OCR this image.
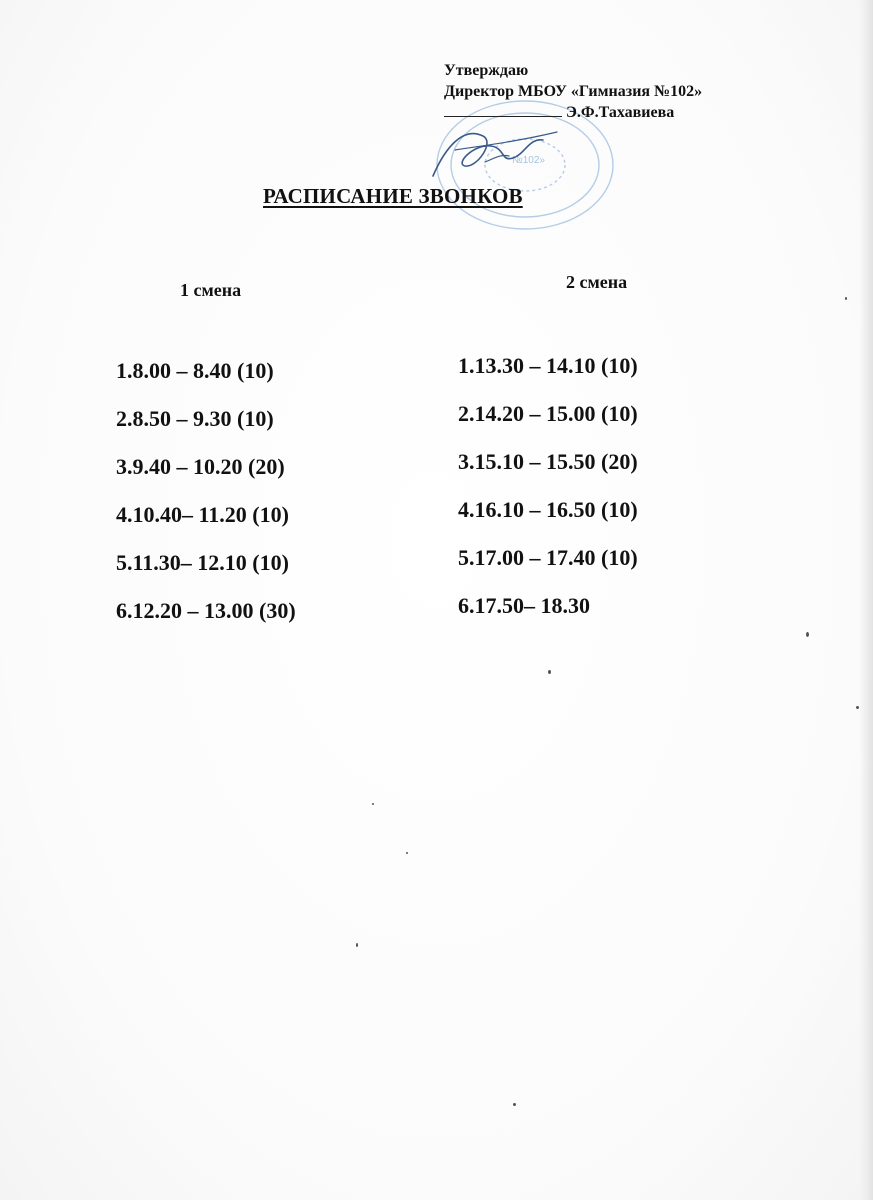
№102»
Утверждаю
Директор МБОУ «Гимназия №102»
Э.Ф.Тахавиева
РАСПИСАНИЕ ЗВОНКОВ
1 смена	2 смена
1.8.00 – 8.40 (10)
2.8.50 – 9.30 (10)
3.9.40 – 10.20 (20)
4.10.40– 11.20 (10)
5.11.30– 12.10 (10)
6.12.20 – 13.00 (30)
1.13.30 – 14.10 (10)
2.14.20 – 15.00 (10)
3.15.10 – 15.50 (20)
4.16.10 – 16.50 (10)
5.17.00 – 17.40 (10)
6.17.50– 18.30
